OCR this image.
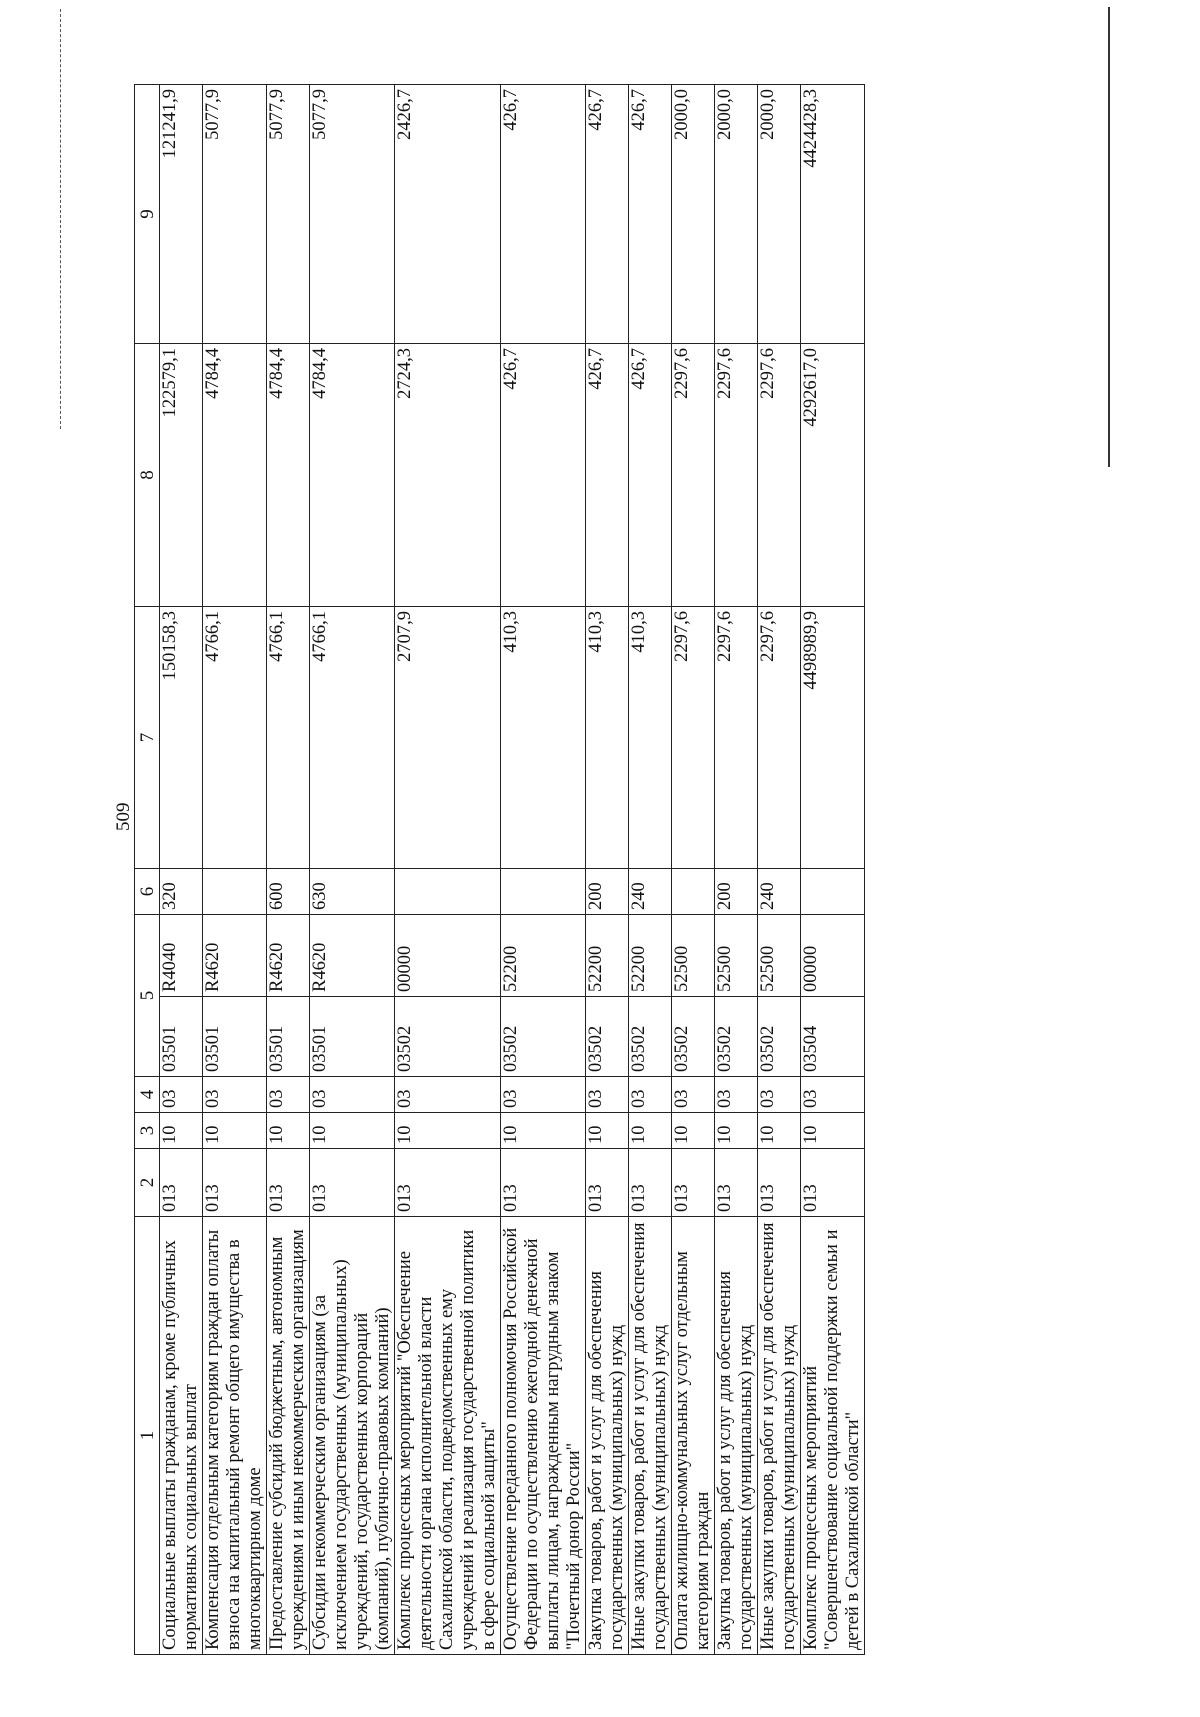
509
1	2	3	4	5		6	7	8	9
Социальные выплаты гражданам, кроме публичных нормативных социальных выплат	013	10	03	03501	R4040	320	150158,3	122579,1	121241,9
Компенсация отдельным категориям граждан оплаты взноса на капитальный ремонт общего имущества в многоквартирном доме	013	10	03	03501	R4620		4766,1	4784,4	5077,9
Предоставление субсидий бюджетным, автономным учреждениям и иным некоммерческим организациям	013	10	03	03501	R4620	600	4766,1	4784,4	5077,9
Субсидии некоммерческим организациям (за исключением государственных (муниципальных) учреждений, государственных корпораций (компаний), публично-правовых компаний)	013	10	03	03501	R4620	630	4766,1	4784,4	5077,9
Комплекс процессных мероприятий "Обеспечение деятельности органа исполнительной власти Сахалинской области, подведомственных ему учреждений и реализация государственной политики в сфере социальной защиты"	013	10	03	03502	00000		2707,9	2724,3	2426,7
Осуществление переданного полномочия Российской Федерации по осуществлению ежегодной денежной выплаты лицам, награжденным нагрудным знаком "Почетный донор России"	013	10	03	03502	52200		410,3	426,7	426,7
Закупка товаров, работ и услуг для обеспечения государственных (муниципальных) нужд	013	10	03	03502	52200	200	410,3	426,7	426,7
Иные закупки товаров, работ и услуг для обеспечения государственных (муниципальных) нужд	013	10	03	03502	52200	240	410,3	426,7	426,7
Оплата жилищно-коммунальных услуг отдельным категориям граждан	013	10	03	03502	52500		2297,6	2297,6	2000,0
Закупка товаров, работ и услуг для обеспечения государственных (муниципальных) нужд	013	10	03	03502	52500	200	2297,6	2297,6	2000,0
Иные закупки товаров, работ и услуг для обеспечения государственных (муниципальных) нужд	013	10	03	03502	52500	240	2297,6	2297,6	2000,0
Комплекс процессных мероприятий "Совершенствование социальной поддержки семьи и детей в Сахалинской области"	013	10	03	03504	00000		4498989,9	4292617,0	4424428,3
